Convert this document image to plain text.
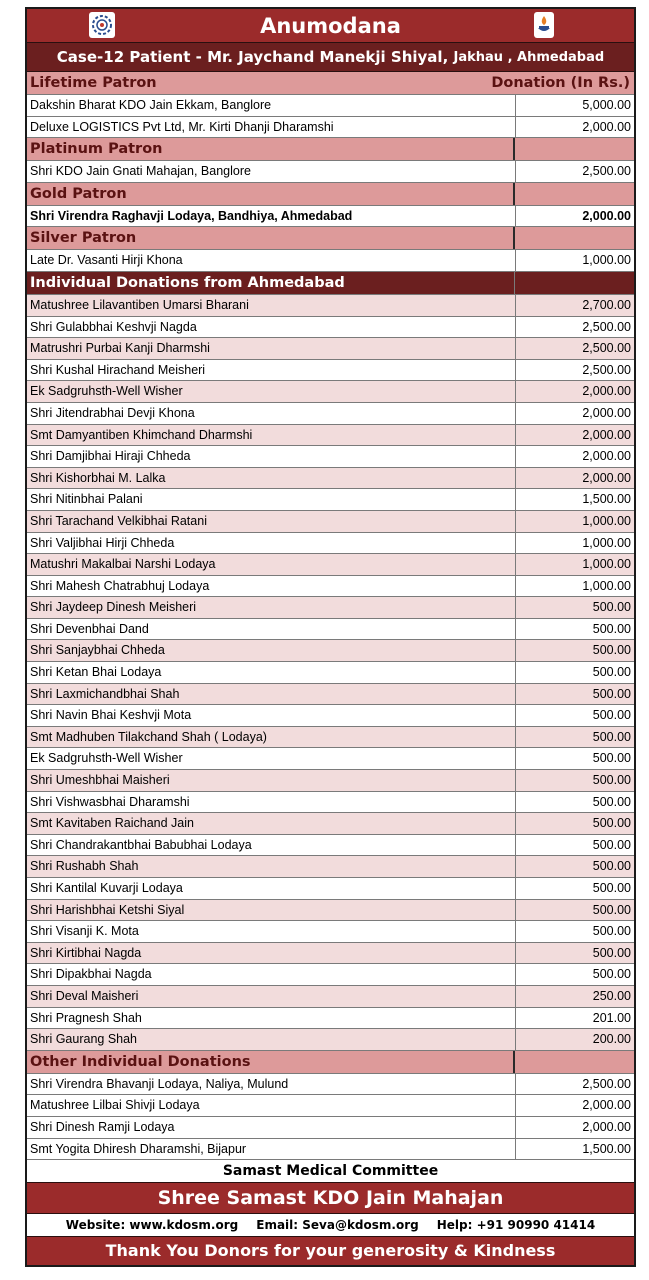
Anumodana
Case-12 Patient - Mr. Jaychand Manekji Shiyal,
Jakhau , Ahmedabad
Lifetime Patron	Donation (In Rs.)
Dakshin Bharat KDO Jain Ekkam, Banglore	5,000.00
Deluxe LOGISTICS Pvt Ltd, Mr. Kirti Dhanji Dharamshi	2,000.00
Platinum Patron
Shri KDO Jain Gnati Mahajan, Banglore	2,500.00
Gold Patron
Shri Virendra Raghavji Lodaya, Bandhiya, Ahmedabad	2,000.00
Silver Patron
Late Dr. Vasanti Hirji Khona	1,000.00
Individual Donations from Ahmedabad
Matushree Lilavantiben Umarsi Bharani	2,700.00
Shri Gulabbhai Keshvji Nagda	2,500.00
Matrushri Purbai Kanji Dharmshi	2,500.00
Shri Kushal Hirachand Meisheri	2,500.00
Ek Sadgruhsth-Well Wisher	2,000.00
Shri Jitendrabhai Devji Khona	2,000.00
Smt Damyantiben Khimchand Dharmshi	2,000.00
Shri Damjibhai Hiraji Chheda	2,000.00
Shri Kishorbhai M. Lalka	2,000.00
Shri Nitinbhai Palani	1,500.00
Shri Tarachand Velkibhai Ratani	1,000.00
Shri Valjibhai Hirji Chheda	1,000.00
Matushri Makalbai Narshi Lodaya	1,000.00
Shri Mahesh Chatrabhuj Lodaya	1,000.00
Shri Jaydeep Dinesh Meisheri	500.00
Shri Devenbhai Dand	500.00
Shri Sanjaybhai Chheda	500.00
Shri Ketan Bhai Lodaya	500.00
Shri Laxmichandbhai Shah	500.00
Shri Navin Bhai Keshvji Mota	500.00
Smt Madhuben Tilakchand Shah ( Lodaya)	500.00
Ek Sadgruhsth-Well Wisher	500.00
Shri Umeshbhai Maisheri	500.00
Shri Vishwasbhai Dharamshi	500.00
Smt Kavitaben Raichand Jain	500.00
Shri Chandrakantbhai Babubhai Lodaya	500.00
Shri Rushabh Shah	500.00
Shri Kantilal Kuvarji Lodaya	500.00
Shri Harishbhai Ketshi Siyal	500.00
Shri Visanji K. Mota	500.00
Shri Kirtibhai Nagda	500.00
Shri Dipakbhai Nagda	500.00
Shri Deval Maisheri	250.00
Shri Pragnesh Shah	201.00
Shri Gaurang Shah	200.00
Other Individual Donations
Shri Virendra Bhavanji Lodaya, Naliya, Mulund	2,500.00
Matushree Lilbai Shivji Lodaya	2,000.00
Shri Dinesh Ramji Lodaya	2,000.00
Smt Yogita Dhiresh Dharamshi, Bijapur	1,500.00
Samast Medical Committee
Shree Samast KDO Jain Mahajan
Website: www.kdosm.org Email: Seva@kdosm.org Help: +91 90990 41414
Thank You Donors for your generosity & Kindness
